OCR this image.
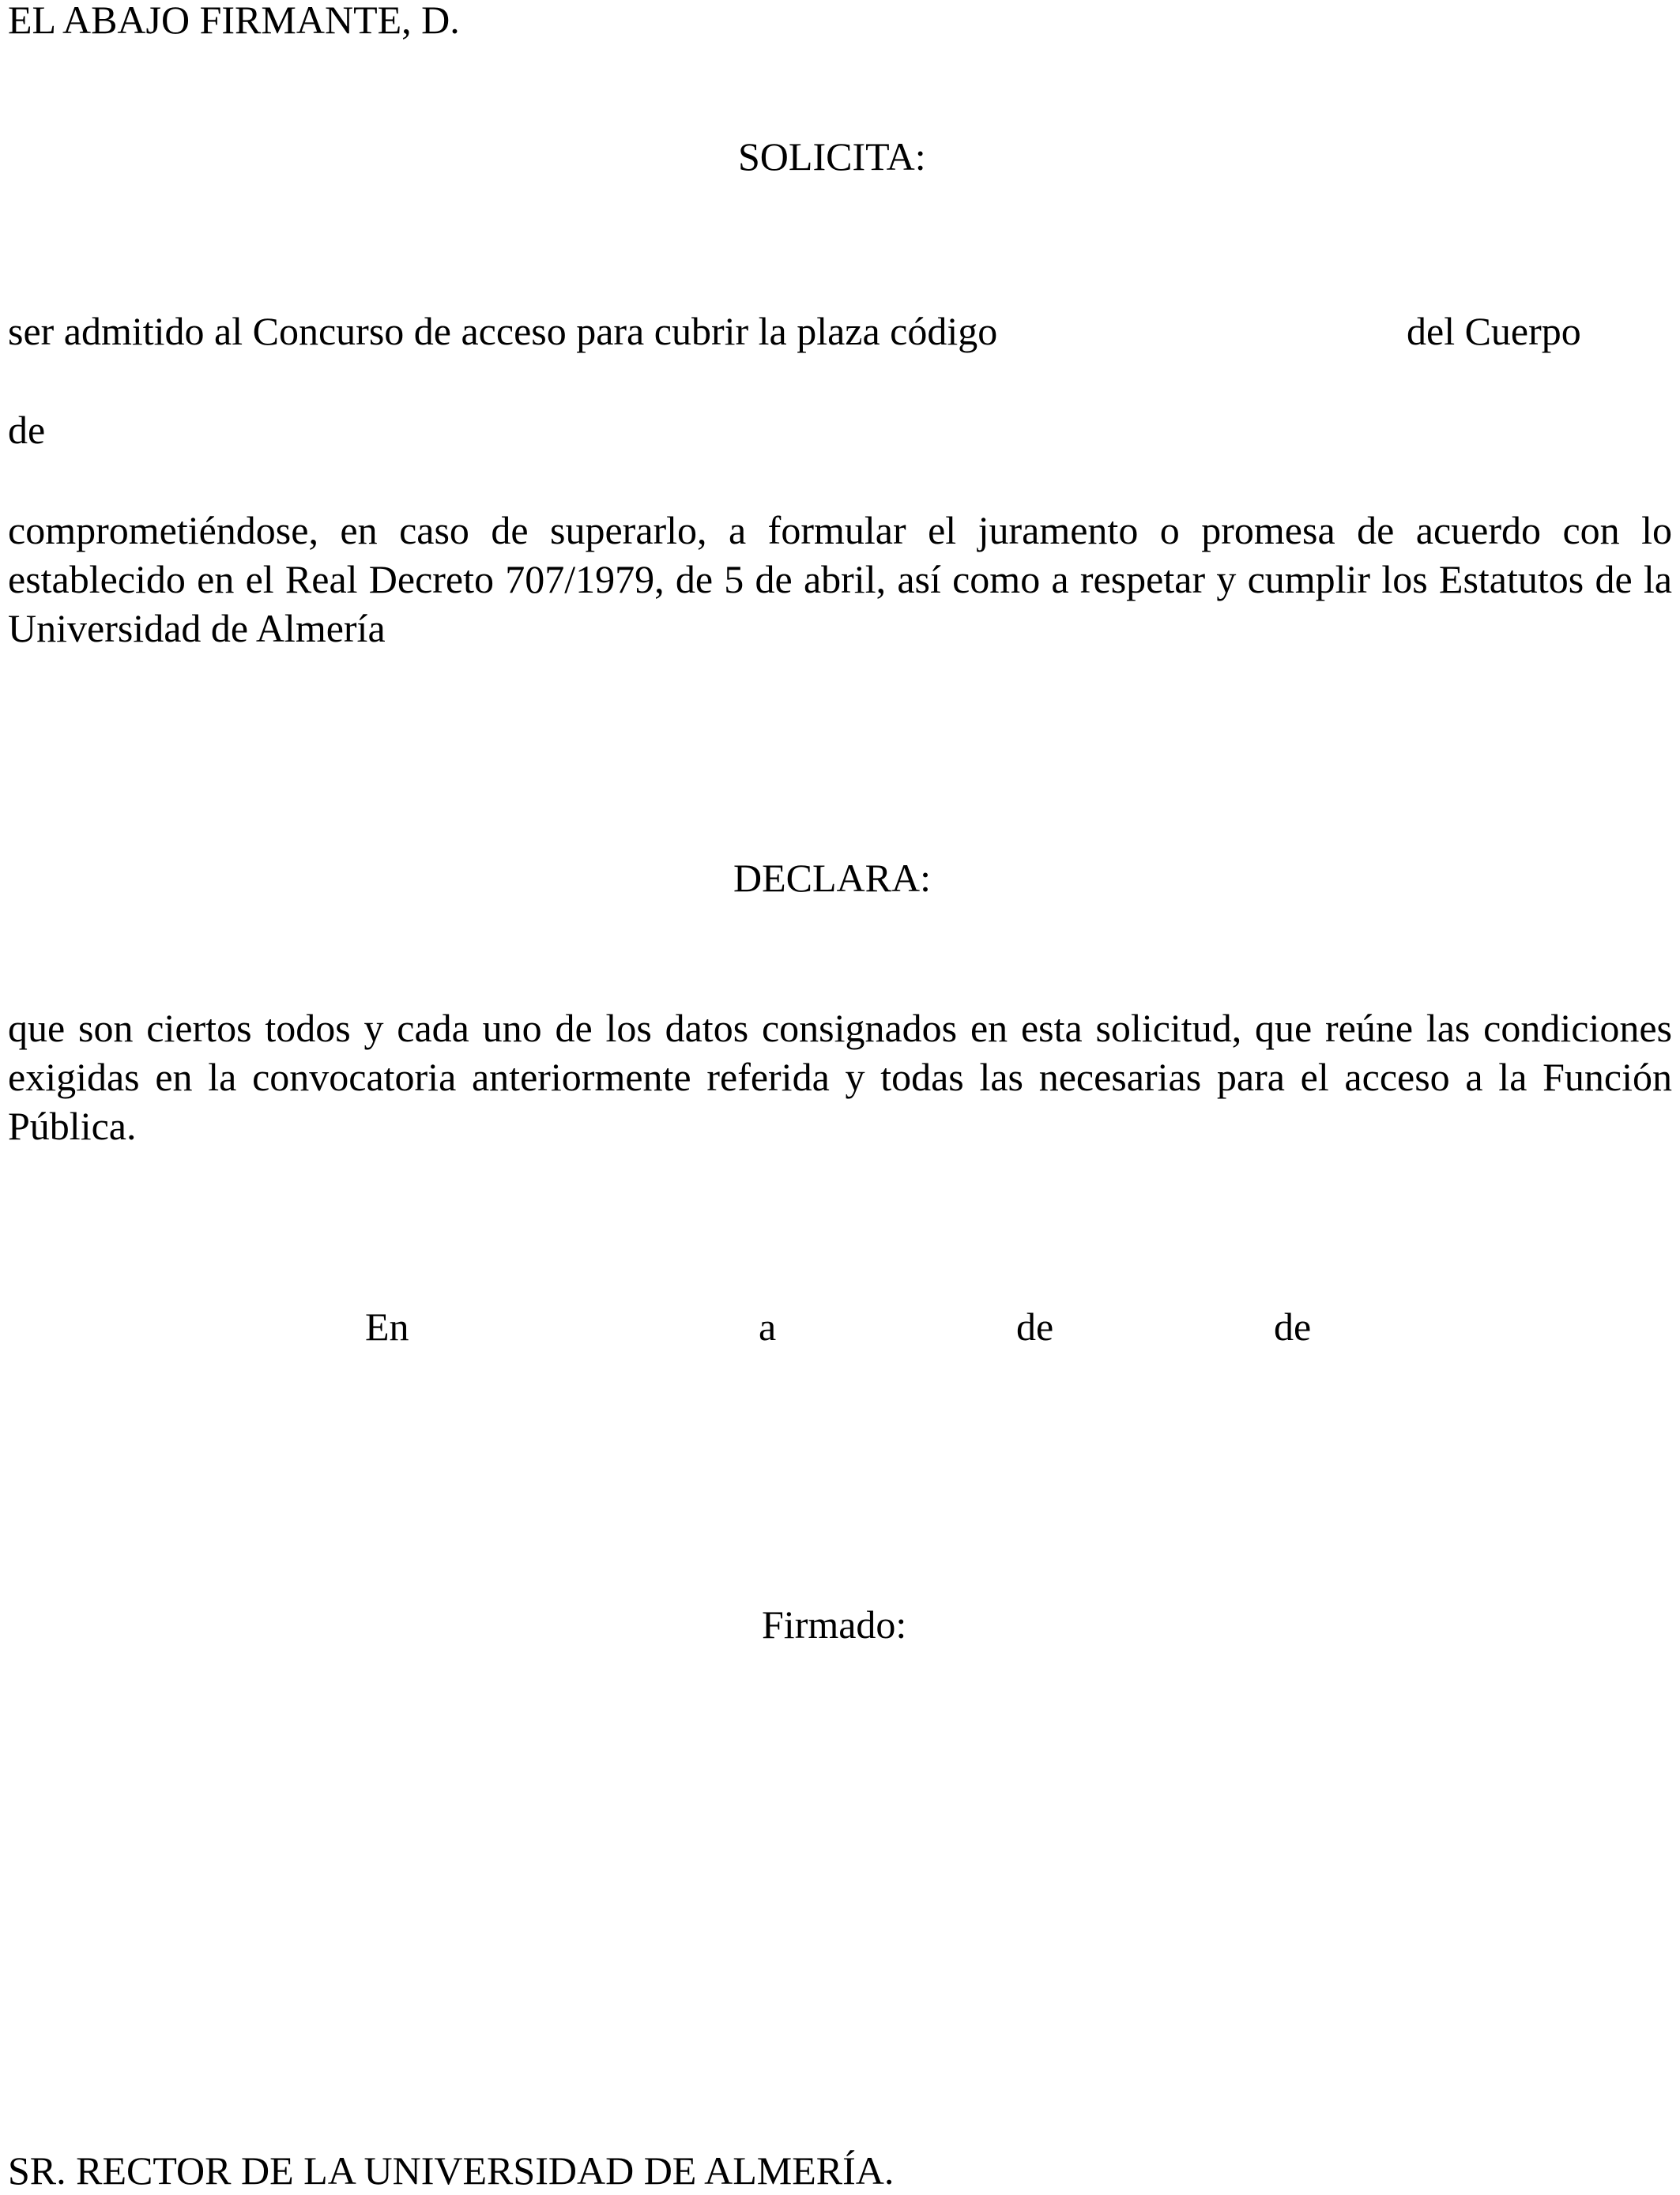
EL ABAJO FIRMANTE, D.
SOLICITA:
ser admitido al Concurso de acceso para cubrir la plaza código	del Cuerpo
de

comprometiéndose, en caso de superarlo, a formular el juramento o promesa de acuerdo con lo establecido en el Real Decreto 707/1979, de 5 de abril, así como a respetar y cumplir los Estatutos de la Universidad de Almería

DECLARA:

que son ciertos todos y cada uno de los datos consignados en esta solicitud, que reúne las condiciones exigidas en la convocatoria anteriormente referida y todas las necesarias para el acceso a la Función Pública.

En	a	de	de
Firmado:
SR. RECTOR DE LA UNIVERSIDAD DE ALMERÍA.
